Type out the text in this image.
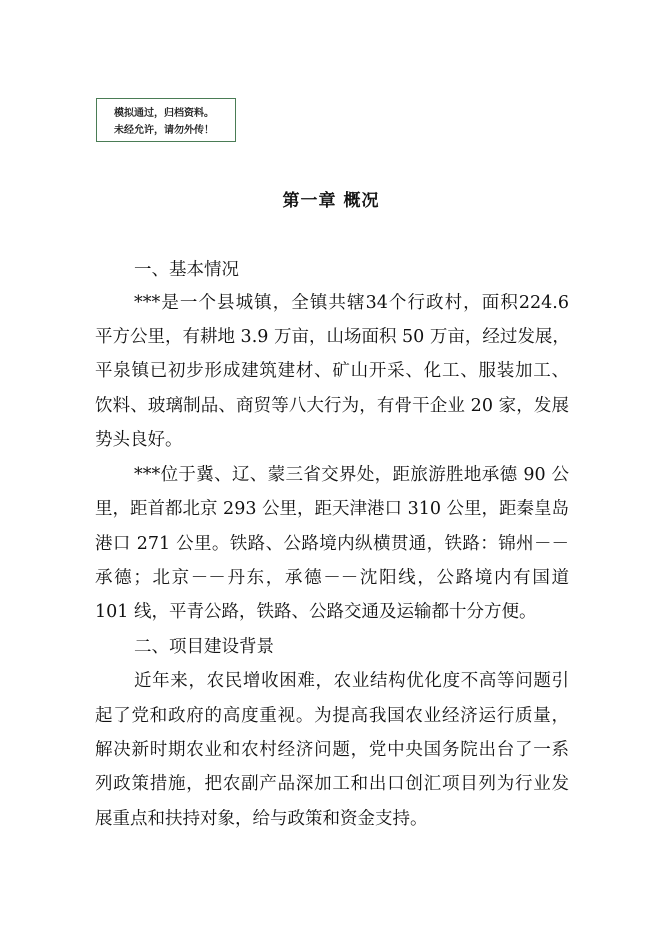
模拟通过，归档资料。
未经允许，请勿外传！
第一章 概况
一、基本情况
***是一个县城镇，全镇共辖34个行政村，面积224.6
平方公里，有耕地 3.9 万亩，山场面积 50 万亩，经过发展，
平泉镇已初步形成建筑建材、矿山开采、化工、服装加工、
饮料、玻璃制品、商贸等八大行为，有骨干企业 20 家，发展
势头良好。
***位于冀、辽、蒙三省交界处，距旅游胜地承德 90 公
里，距首都北京 293 公里，距天津港口 310 公里，距秦皇岛
港口 271 公里。铁路、公路境内纵横贯通，铁路：锦州－－
承德；北京－－丹东，承德－－沈阳线，公路境内有国道
101 线，平青公路，铁路、公路交通及运输都十分方便。
二、项目建设背景
近年来，农民增收困难，农业结构优化度不高等问题引
起了党和政府的高度重视。为提高我国农业经济运行质量，
解决新时期农业和农村经济问题，党中央国务院出台了一系
列政策措施，把农副产品深加工和出口创汇项目列为行业发
展重点和扶持对象，给与政策和资金支持。
